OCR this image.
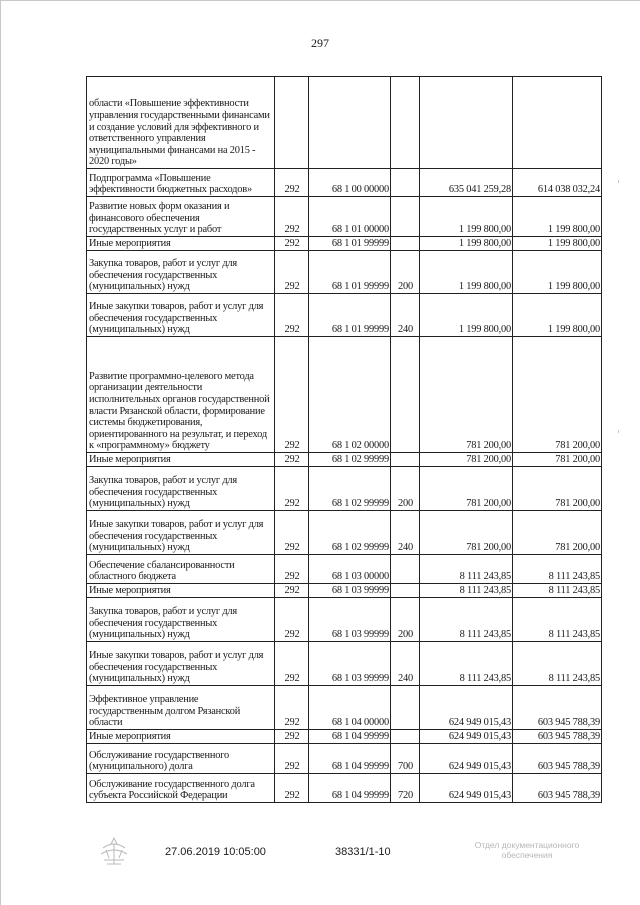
297
области «Повышение эффективности управления государственными финансами и создание условий для эффективного и ответственного управления муниципальными финансами на 2015 - 2020 годы»					
Подпрограмма «Повышение эффективности бюджетных расходов»	292	68 1 00 00000		635 041 259,28	614 038 032,24
Развитие новых форм оказания и финансового обеспечения государственных услуг и работ	292	68 1 01 00000		1 199 800,00	1 199 800,00
Иные мероприятия	292	68 1 01 99999		1 199 800,00	1 199 800,00
Закупка товаров, работ и услуг для обеспечения государственных (муниципальных) нужд	292	68 1 01 99999	200	1 199 800,00	1 199 800,00
Иные закупки товаров, работ и услуг для обеспечения государственных (муниципальных) нужд	292	68 1 01 99999	240	1 199 800,00	1 199 800,00
Развитие программно-целевого метода организации деятельности исполнительных органов государственной власти Рязанской области, формирование системы бюджетирования, ориентированного на результат, и переход к «программному» бюджету	292	68 1 02 00000		781 200,00	781 200,00
Иные мероприятия	292	68 1 02 99999		781 200,00	781 200,00
Закупка товаров, работ и услуг для обеспечения государственных (муниципальных) нужд	292	68 1 02 99999	200	781 200,00	781 200,00
Иные закупки товаров, работ и услуг для обеспечения государственных (муниципальных) нужд	292	68 1 02 99999	240	781 200,00	781 200,00
Обеспечение сбалансированности областного бюджета	292	68 1 03 00000		8 111 243,85	8 111 243,85
Иные мероприятия	292	68 1 03 99999		8 111 243,85	8 111 243,85
Закупка товаров, работ и услуг для обеспечения государственных (муниципальных) нужд	292	68 1 03 99999	200	8 111 243,85	8 111 243,85
Иные закупки товаров, работ и услуг для обеспечения государственных (муниципальных) нужд	292	68 1 03 99999	240	8 111 243,85	8 111 243,85
Эффективное управление государственным долгом Рязанской области	292	68 1 04 00000		624 949 015,43	603 945 788,39
Иные мероприятия	292	68 1 04 99999		624 949 015,43	603 945 788,39
Обслуживание государственного (муниципального) долга	292	68 1 04 99999	700	624 949 015,43	603 945 788,39
Обслуживание государственного долга субъекта Российской Федерации	292	68 1 04 99999	720	624 949 015,43	603 945 788,39
27.06.2019 10:05:00	38331/1-10
Отдел документационного
обеспечения
